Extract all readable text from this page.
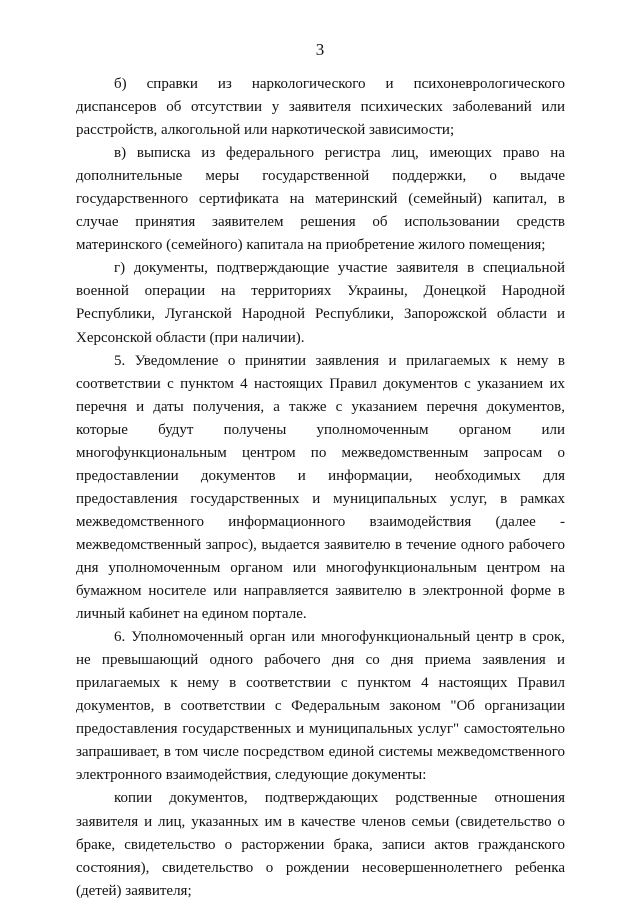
3

б) справки из наркологического и психоневрологического диспансеров об отсутствии у заявителя психических заболеваний или расстройств, алкогольной или наркотической зависимости;

в) выписка из федерального регистра лиц, имеющих право на дополнительные меры государственной поддержки, о выдаче государственного сертификата на материнский (семейный) капитал, в случае принятия заявителем решения об использовании средств материнского (семейного) капитала на приобретение жилого помещения;

г) документы, подтверждающие участие заявителя в специальной военной операции на территориях Украины, Донецкой Народной Республики, Луганской Народной Республики, Запорожской области и Херсонской области (при наличии).

5. Уведомление о принятии заявления и прилагаемых к нему в соответствии с пунктом 4 настоящих Правил документов с указанием их перечня и даты получения, а также с указанием перечня документов, которые будут получены уполномоченным органом или многофункциональным центром по межведомственным запросам о предоставлении документов и информации, необходимых для предоставления государственных и муниципальных услуг, в рамках межведомственного информационного взаимодействия (далее - межведомственный запрос), выдается заявителю в течение одного рабочего дня уполномоченным органом или многофункциональным центром на бумажном носителе или направляется заявителю в электронной форме в личный кабинет на едином портале.

6. Уполномоченный орган или многофункциональный центр в срок, не превышающий одного рабочего дня со дня приема заявления и прилагаемых к нему в соответствии с пунктом 4 настоящих Правил документов, в соответствии с Федеральным законом "Об организации предоставления государственных и муниципальных услуг" самостоятельно запрашивает, в том числе посредством единой системы межведомственного электронного взаимодействия, следующие документы:

копии документов, подтверждающих родственные отношения заявителя и лиц, указанных им в качестве членов семьи (свидетельство о браке, свидетельство о расторжении брака, записи актов гражданского состояния), свидетельство о рождении несовершеннолетнего ребенка (детей) заявителя;
